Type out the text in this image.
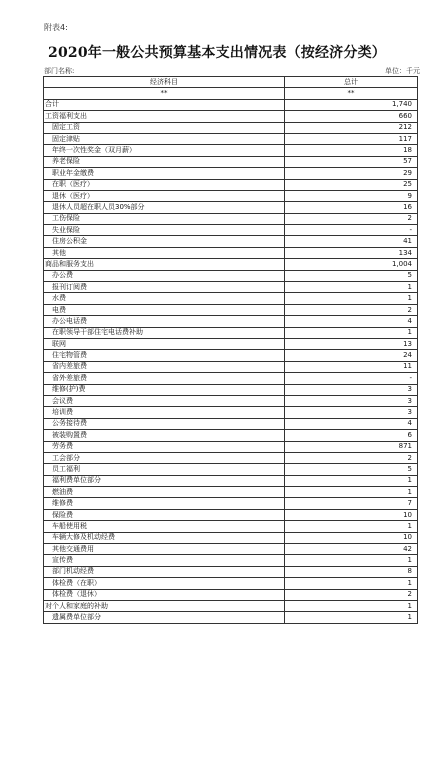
附表4:
2020年一般公共预算基本支出情况表（按经济分类）
部门名称:	单位：千元
经济科目	总计
**	**
合计	1,740
工资福利支出	660
固定工资	212
固定津贴	117
年终一次性奖金（双月薪）	18
养老保险	57
职业年金缴费	29
在职（医疗）	25
退休（医疗）	9
退休人员超在职人员30%部分	16
工伤保险	2
失业保险	-
住房公积金	41
其他	134
商品和服务支出	1,004
办公费	5
报刊订阅费	1
水费	1
电费	2
办公电话费	4
在职领导干部住宅电话费补助	1
联网	13
住宅物管费	24
省内差旅费	11
省外差旅费	-
维修(护)费	3
会议费	3
培训费	3
公务接待费	4
被装购置费	6
劳务费	871
工会部分	2
员工福利	5
福利费单位部分	1
燃油费	1
维修费	7
保险费	10
车船使用税	1
车辆大修及机动经费	10
其他交通费用	42
宣传费	1
部门机动经费	8
体检费（在职）	1
体检费（退休）	2
对个人和家庭的补助	1
遗属费单位部分	1
